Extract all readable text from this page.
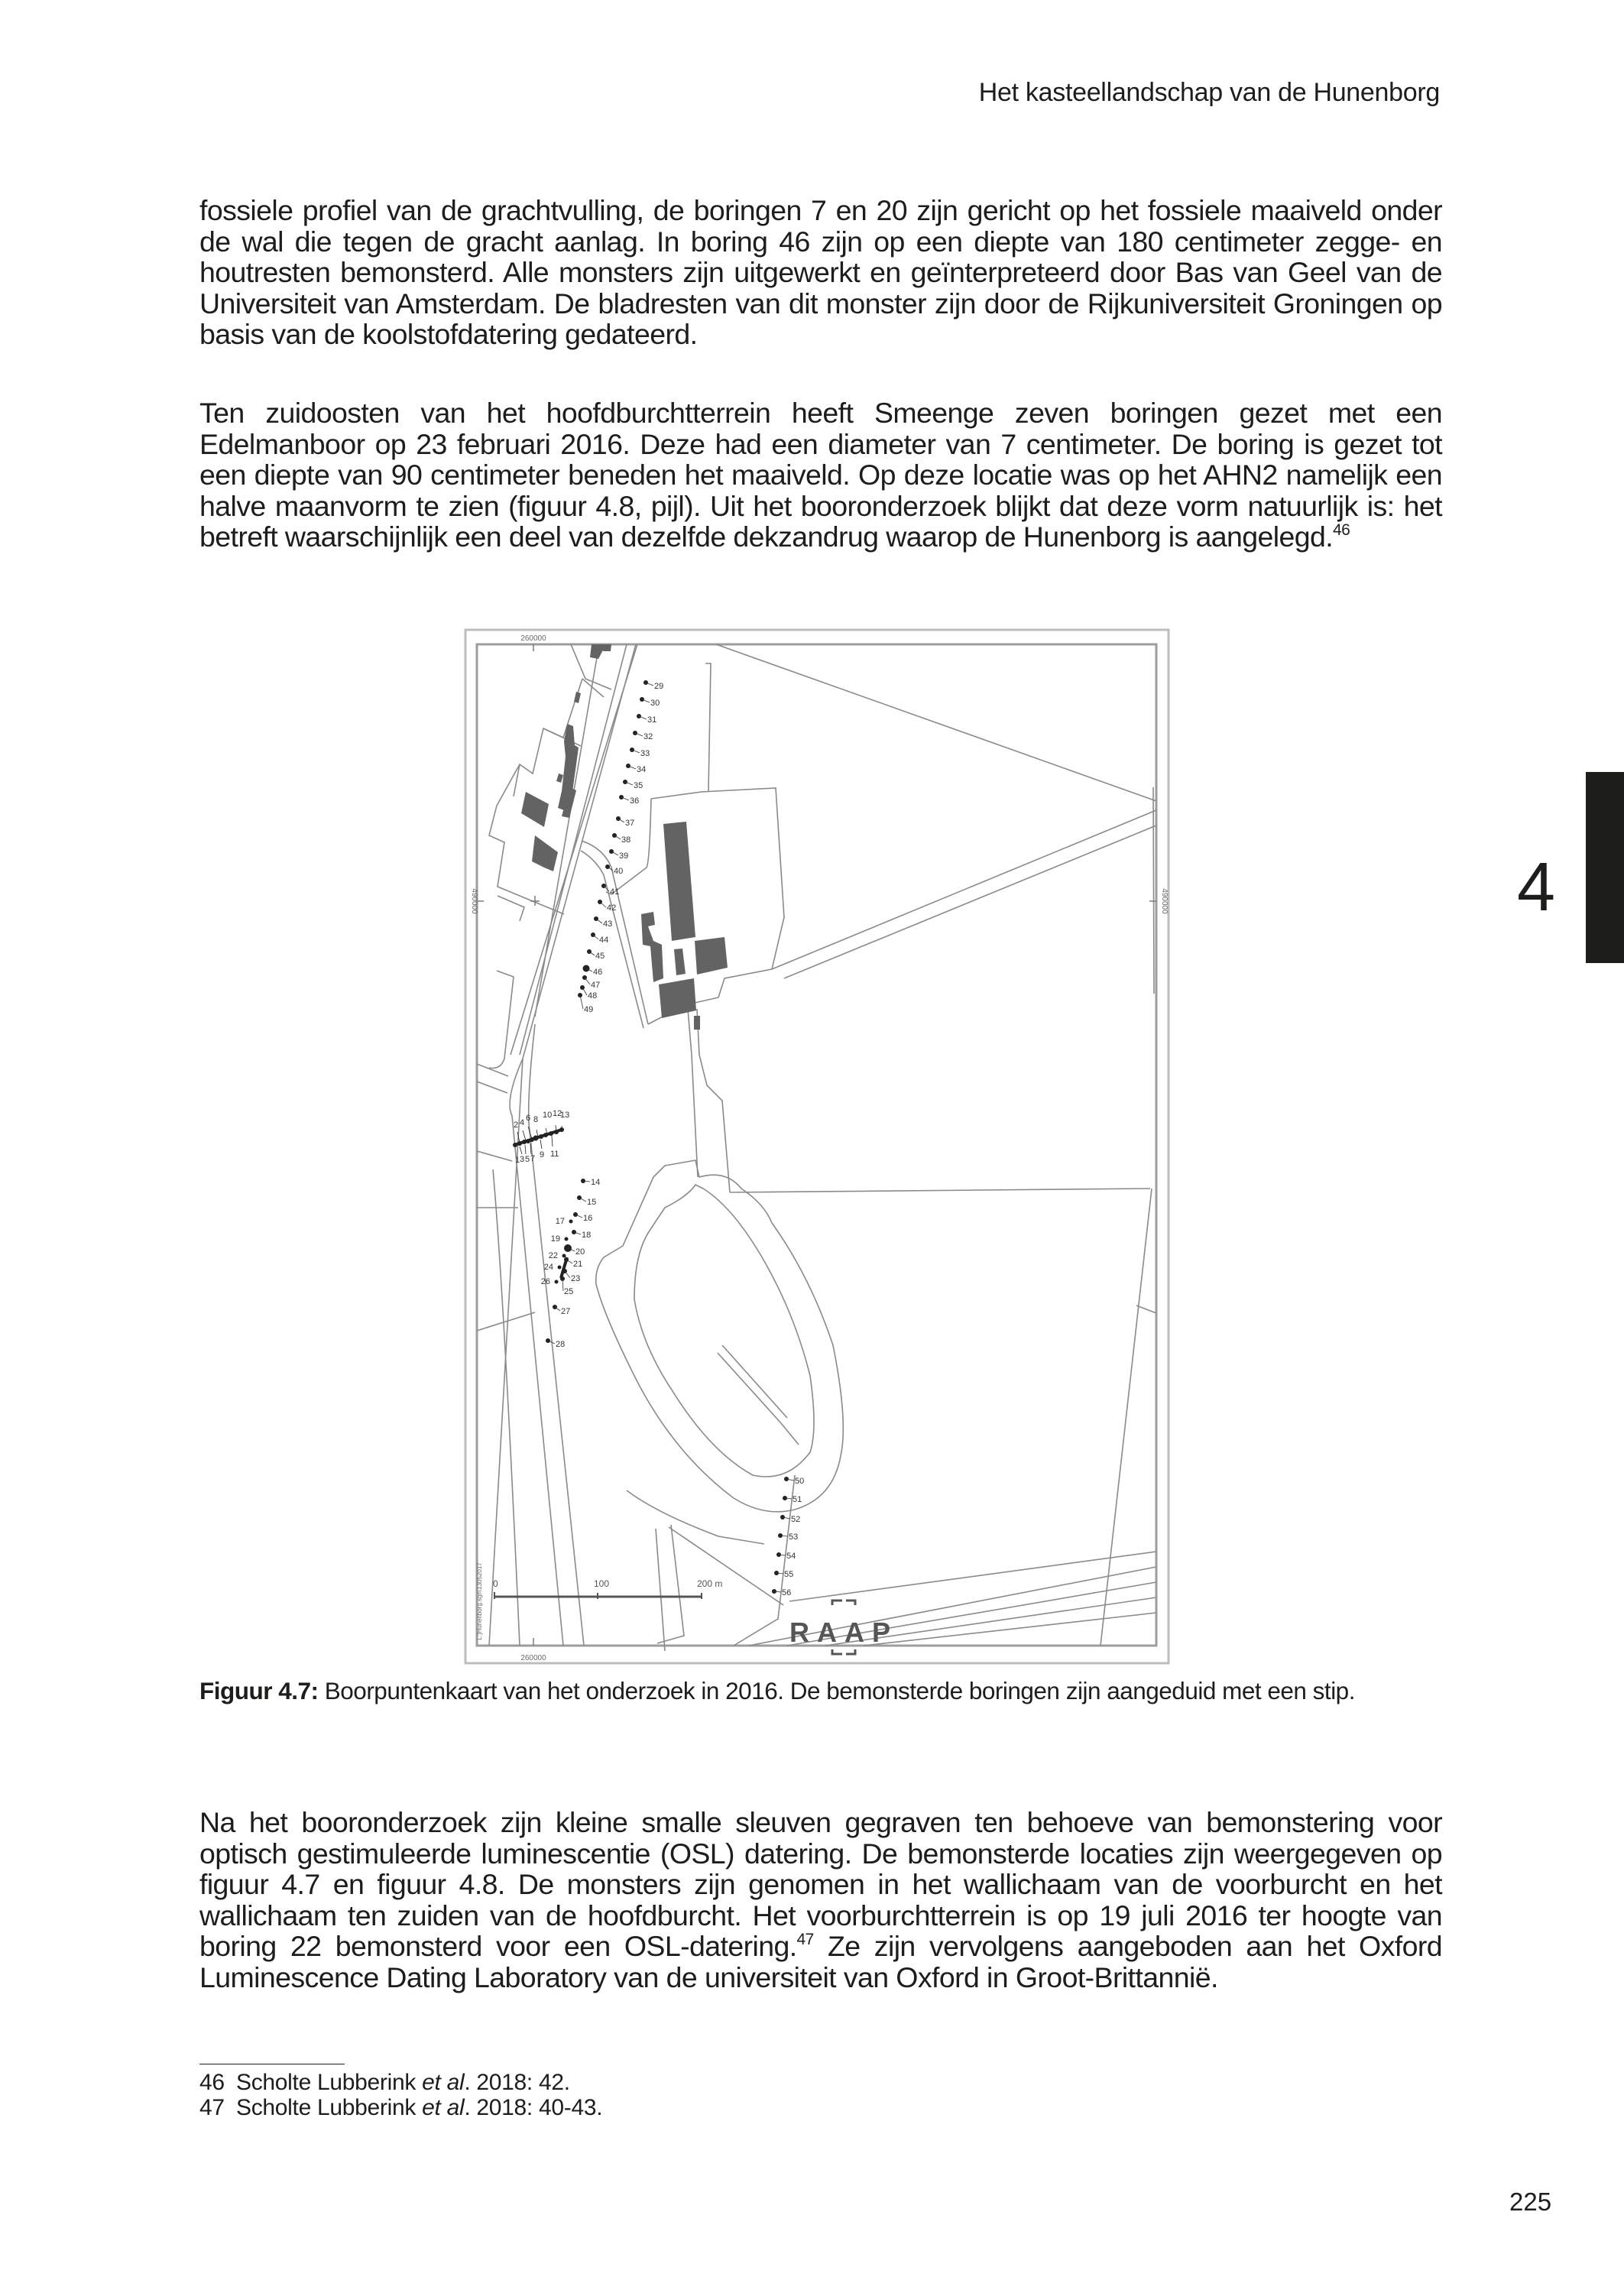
Het kasteellandschap van de Hunenborg
fossiele profiel van de grachtvulling, de boringen 7 en 20 zijn gericht op het fossiele maaiveld onder de wal die tegen de gracht aanlag. In boring 46 zijn op een diepte van 180 centimeter zegge- en houtresten bemonsterd. Alle monsters zijn uitgewerkt en geïnterpreteerd door Bas van Geel van de Universiteit van Amsterdam. De bladresten van dit monster zijn door de Rijkuniversiteit Groningen op basis van de koolstofdatering gedateerd.
Ten zuidoosten van het hoofdburchtterrein heeft Smeenge zeven boringen gezet met een Edelmanboor op 23 februari 2016. Deze had een diameter van 7 centimeter. De boring is gezet tot een diepte van 90 centimeter beneden het maaiveld. Op deze locatie was op het AHN2 namelijk een halve maanvorm te zien (figuur 4.8, pijl). Uit het booronderzoek blijkt dat deze vorm natuurlijk is: het betreft waarschijnlijk een deel van dezelfde dekzandrug waarop de Hunenborg is aangelegd.$^{46}$
260000
260000
490000	490000
L:]Hunenborg.sgn\13052017
29
30
31
32
33
34
35
36
37
38
39
40
41
42
43
44
45
46
47
48
49
14
15
16
18
20
21
23
25
27
28
50
51
52
53
54
55
56
17
19
22
24
26
2 4 6 8 10 12
13
1 3 5 7 9 11
0	100	200 m
RAAP
Figuur 4.7: Boorpuntenkaart van het onderzoek in 2016. De bemonsterde boringen zijn aangeduid met een stip.
Na het booronderzoek zijn kleine smalle sleuven gegraven ten behoeve van bemonstering voor optisch gestimuleerde luminescentie (OSL) datering. De bemonsterde locaties zijn weergegeven op figuur 4.7 en figuur 4.8. De monsters zijn genomen in het wallichaam van de voorburcht en het wallichaam ten zuiden van de hoofdburcht. Het voorburchtterrein is op 19 juli 2016 ter hoogte van boring 22 bemonsterd voor een OSL-datering.$^{47}$ Ze zijn vervolgens aangeboden aan het Oxford Luminescence Dating Laboratory van de universiteit van Oxford in Groot-Brittannië.
46 Scholte Lubberink et al. 2018: 42.
47 Scholte Lubberink et al. 2018: 40-43.
4
225
